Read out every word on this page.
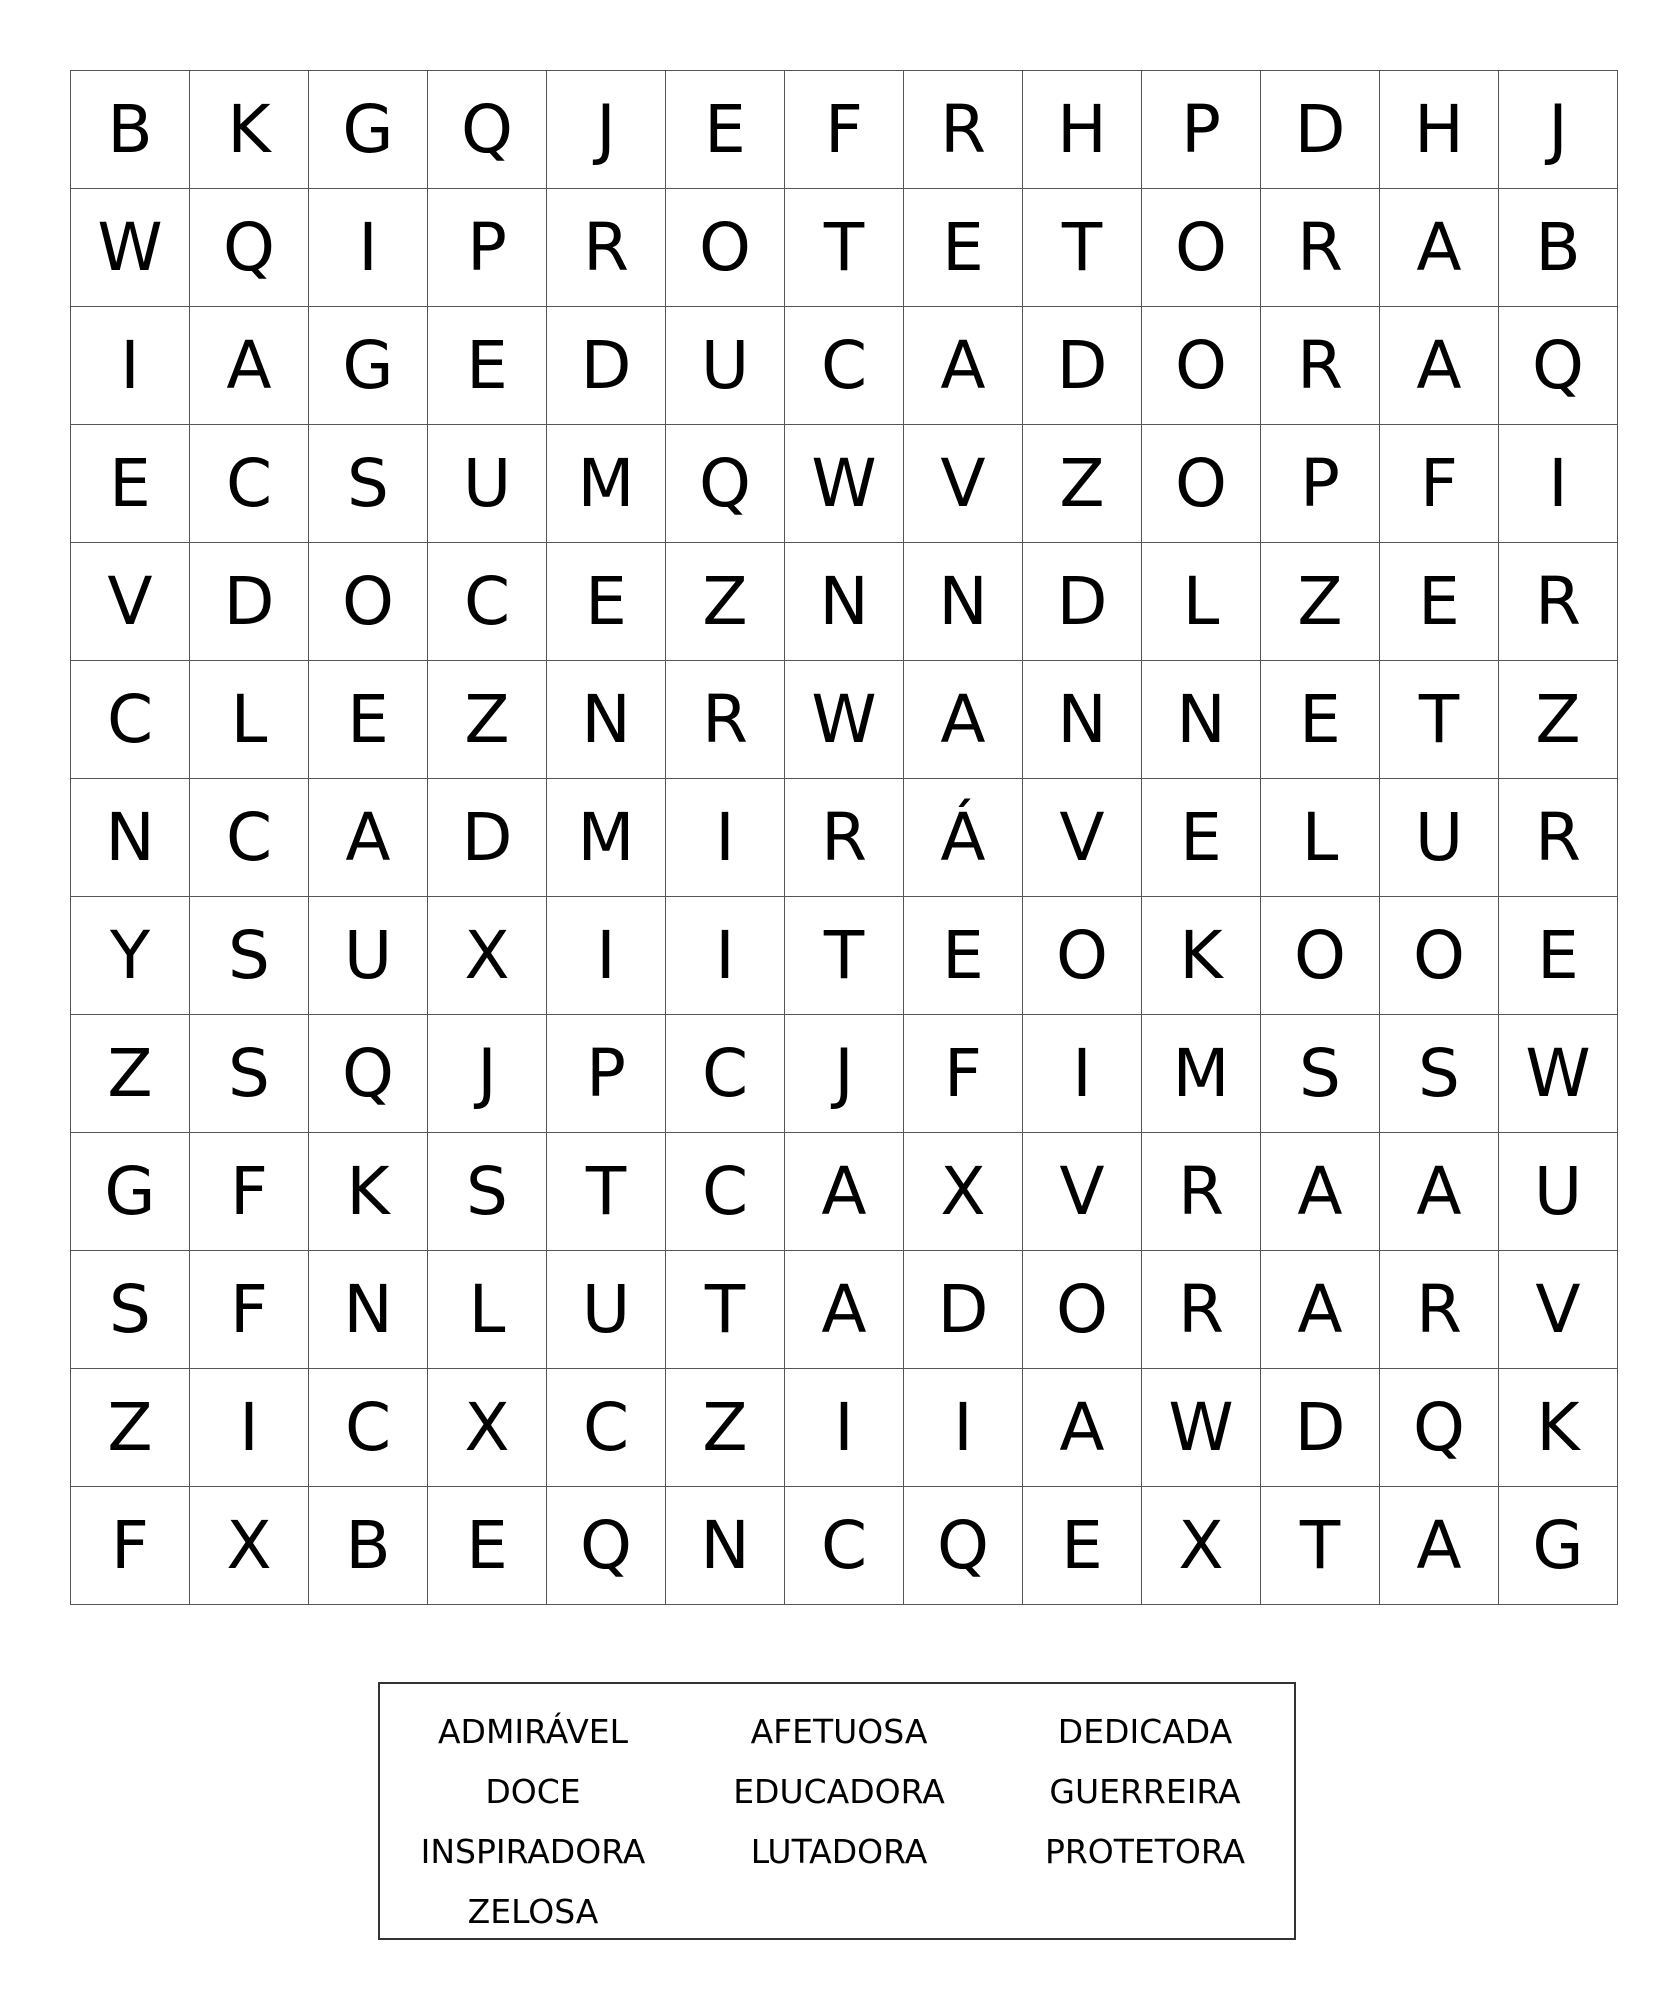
B	K	G	Q	J	E	F	R	H	P	D	H	J
W	Q	I	P	R	O	T	E	T	O	R	A	B
I	A	G	E	D	U	C	A	D	O	R	A	Q
E	C	S	U	M	Q	W	V	Z	O	P	F	I
V	D	O	C	E	Z	N	N	D	L	Z	E	R
C	L	E	Z	N	R	W	A	N	N	E	T	Z
N	C	A	D	M	I	R	Á	V	E	L	U	R
Y	S	U	X	I	I	T	E	O	K	O	O	E
Z	S	Q	J	P	C	J	F	I	M	S	S	W
G	F	K	S	T	C	A	X	V	R	A	A	U
S	F	N	L	U	T	A	D	O	R	A	R	V
Z	I	C	X	C	Z	I	I	A	W	D	Q	K
F	X	B	E	Q	N	C	Q	E	X	T	A	G
ADMIRÁVEL	AFETUOSA	DEDICADA
DOCE	EDUCADORA	GUERREIRA
INSPIRADORA	LUTADORA	PROTETORA
ZELOSA
